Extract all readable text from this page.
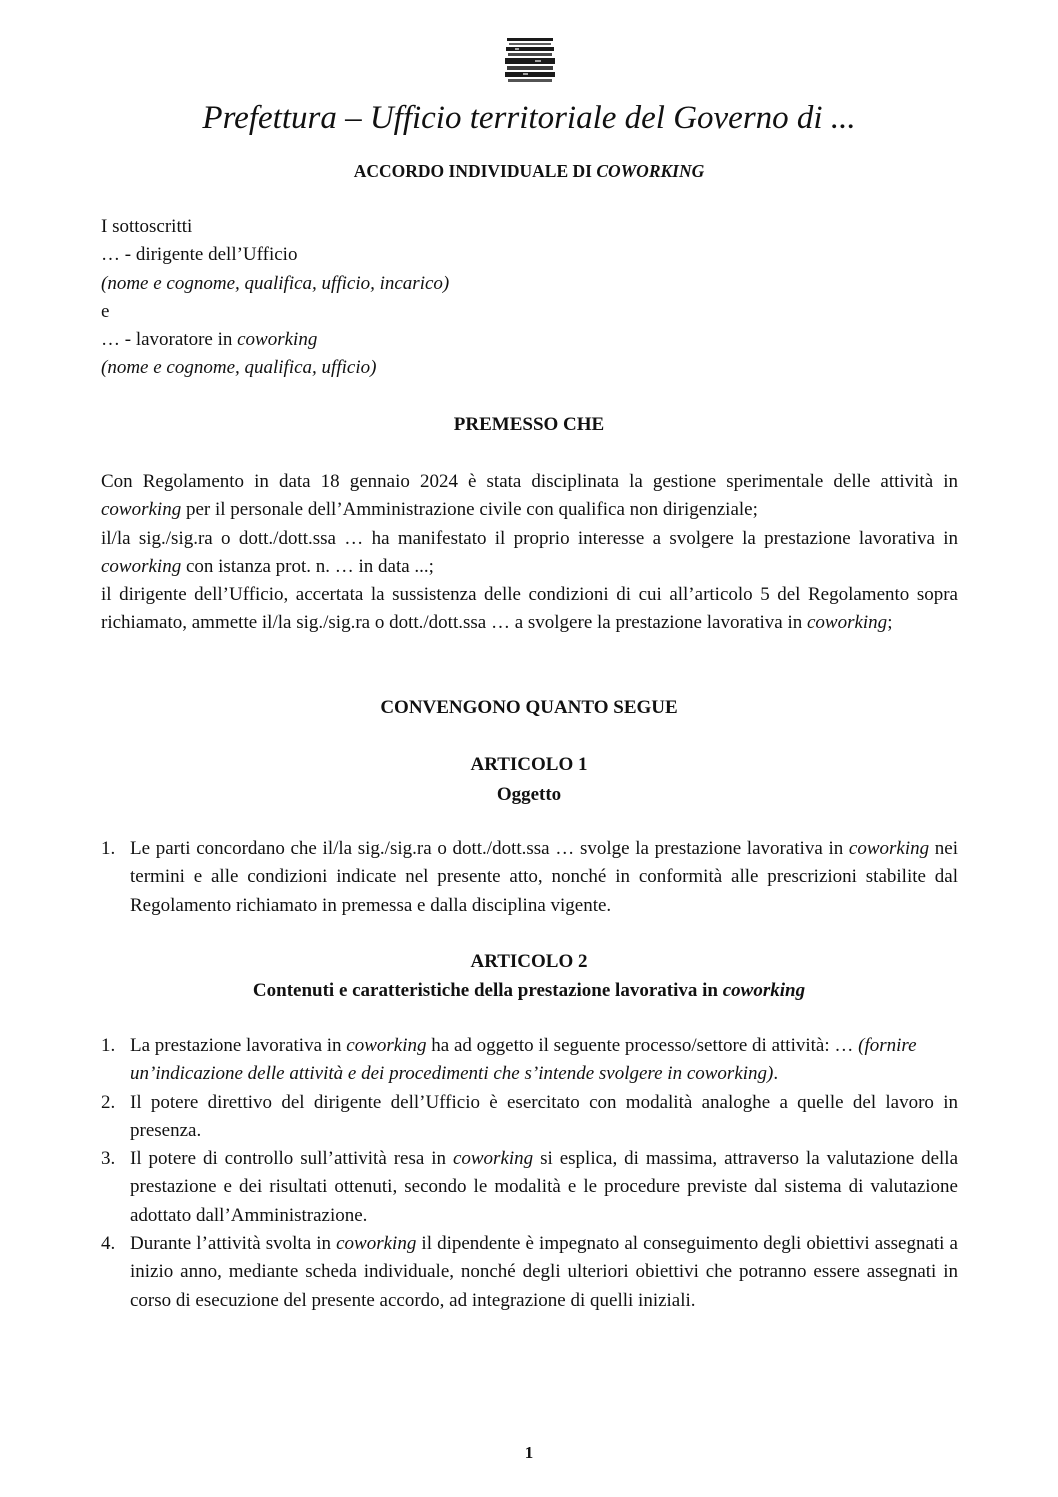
Prefettura – Ufficio territoriale del Governo di ...
ACCORDO INDIVIDUALE DI COWORKING
I sottoscritti
… - dirigente dell’Ufficio
(nome e cognome, qualifica, ufficio, incarico)
e
… - lavoratore in coworking
(nome e cognome, qualifica, ufficio)
PREMESSO CHE
Con Regolamento in data 18 gennaio 2024 è stata disciplinata la gestione sperimentale delle attività in coworking per il personale dell’Amministrazione civile con qualifica non dirigenziale;
il/la sig./sig.ra o dott./dott.ssa … ha manifestato il proprio interesse a svolgere la prestazione lavorativa in coworking con istanza prot. n. … in data ...;
il dirigente dell’Ufficio, accertata la sussistenza delle condizioni di cui all’articolo 5 del Regolamento sopra richiamato, ammette il/la sig./sig.ra o dott./dott.ssa … a svolgere la prestazione lavorativa in coworking;
CONVENGONO QUANTO SEGUE
ARTICOLO 1
Oggetto
1. Le parti concordano che il/la sig./sig.ra o dott./dott.ssa … svolge la prestazione lavorativa in coworking nei termini e alle condizioni indicate nel presente atto, nonché in conformità alle prescrizioni stabilite dal Regolamento richiamato in premessa e dalla disciplina vigente.
ARTICOLO 2
Contenuti e caratteristiche della prestazione lavorativa in coworking
1. La prestazione lavorativa in coworking ha ad oggetto il seguente processo/settore di attività: … (fornire un’indicazione delle attività e dei procedimenti che s’intende svolgere in coworking).
2. Il potere direttivo del dirigente dell’Ufficio è esercitato con modalità analoghe a quelle del lavoro in presenza.
3. Il potere di controllo sull’attività resa in coworking si esplica, di massima, attraverso la valutazione della prestazione e dei risultati ottenuti, secondo le modalità e le procedure previste dal sistema di valutazione adottato dall’Amministrazione.
4. Durante l’attività svolta in coworking il dipendente è impegnato al conseguimento degli obiettivi assegnati a inizio anno, mediante scheda individuale, nonché degli ulteriori obiettivi che potranno essere assegnati in corso di esecuzione del presente accordo, ad integrazione di quelli iniziali.
1
